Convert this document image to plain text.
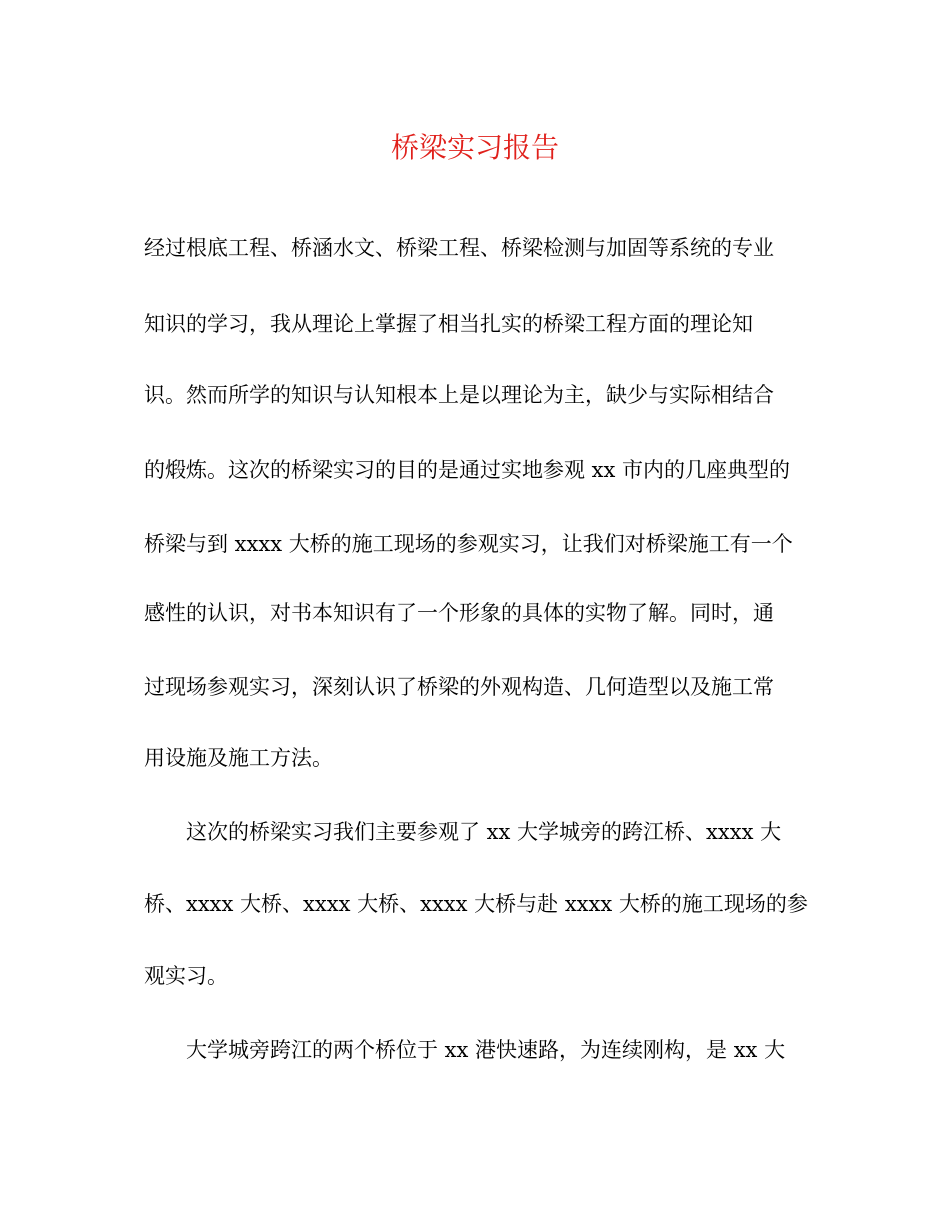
桥梁实习报告
经过根底工程、桥涵水文、桥梁工程、桥梁检测与加固等系统的专业
知识的学习，我从理论上掌握了相当扎实的桥梁工程方面的理论知
识。然而所学的知识与认知根本上是以理论为主，缺少与实际相结合
的煅炼。这次的桥梁实习的目的是通过实地参观 xx 市内的几座典型的
桥梁与到 xxxx 大桥的施工现场的参观实习，让我们对桥梁施工有一个
感性的认识，对书本知识有了一个形象的具体的实物了解。同时，通
过现场参观实习，深刻认识了桥梁的外观构造、几何造型以及施工常
用设施及施工方法。
这次的桥梁实习我们主要参观了 xx 大学城旁的跨江桥、xxxx 大
桥、xxxx 大桥、xxxx 大桥、xxxx 大桥与赴 xxxx 大桥的施工现场的参
观实习。
大学城旁跨江的两个桥位于 xx 港快速路，为连续刚构，是 xx 大
